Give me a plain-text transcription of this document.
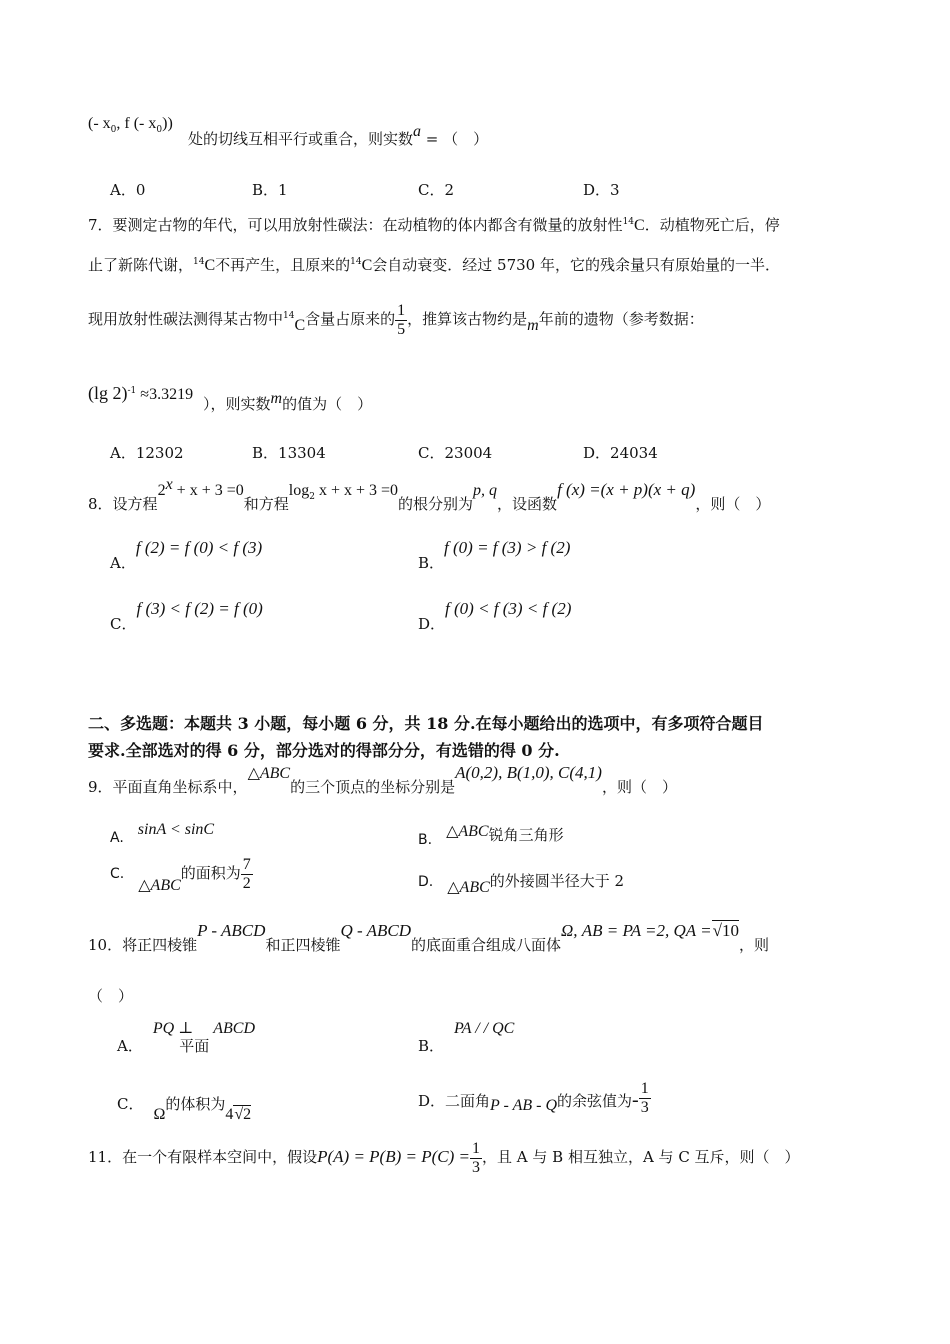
(- $x_0$, f (- $x_0$))
处的切线互相平行或重合，则实数a = （　）
A．0	B．1	C．2	D．3
7．要测定古物的年代，可以用放射性碳法：在动植物的体内都含有微量的放射性$^{14}$C．动植物死亡后，停
止了新陈代谢，$^{14}$C不再产生，且原来的$^{14}$C会自动衰变．经过 5730 年，它的残余量只有原始量的一半．
现用放射性碳法测得某古物中$^{14}$C含量占原来的 $\frac{1}{5}$ ，推算该古物约是m年前的遗物（参考数据：
(lg 2)$^{-1}$ ≈3.3219
），则实数m的值为（　）
A．12302	B．13304	C．23004	D．24034
8．设方程$2^x + x + 3 =0$和方程$\log_2 x + x + 3 =0$的根分别为p, q，设函数f (x) =(x + p)(x + q)，则（　）
A．f (2) = f (0) < f (3)
B．f (0) = f (3) > f (2)
C．f (3) < f (2) = f (0)
D．f (0) < f (3) < f (2)
二、多选题：本题共 3 小题，每小题 6 分，共 18 分.在每小题给出的选项中，有多项符合题目
要求.全部选对的得 6 分，部分选对的得部分分，有选错的得 0 分.
9．平面直角坐标系中，△ABC的三个顶点的坐标分别是A(0,2), B(1,0), C(4,1)，则（　）
A. sinA < sinC
B. △ABC锐角三角形
C.△ABC的面积为 $\frac{7}{2}$	D. △ABC的外接圆半径大于 2
10．将正四棱锥P - ABCD和正四棱锥Q - ABCD的底面重合组成八面体Ω, AB = PA =2, QA =√10，则
（　）
A．PQ ⊥平面ABCD
B．PA / / QC
C．Ω的体积为4√2
D．二面角P - AB - Q的余弦值为- $\frac{1}{3}$
11．在一个有限样本空间中，假设$P(A) = P(B) = P(C) = \frac{1}{3}$ ，且 A 与 B 相互独立，A 与 C 互斥，则（　）
